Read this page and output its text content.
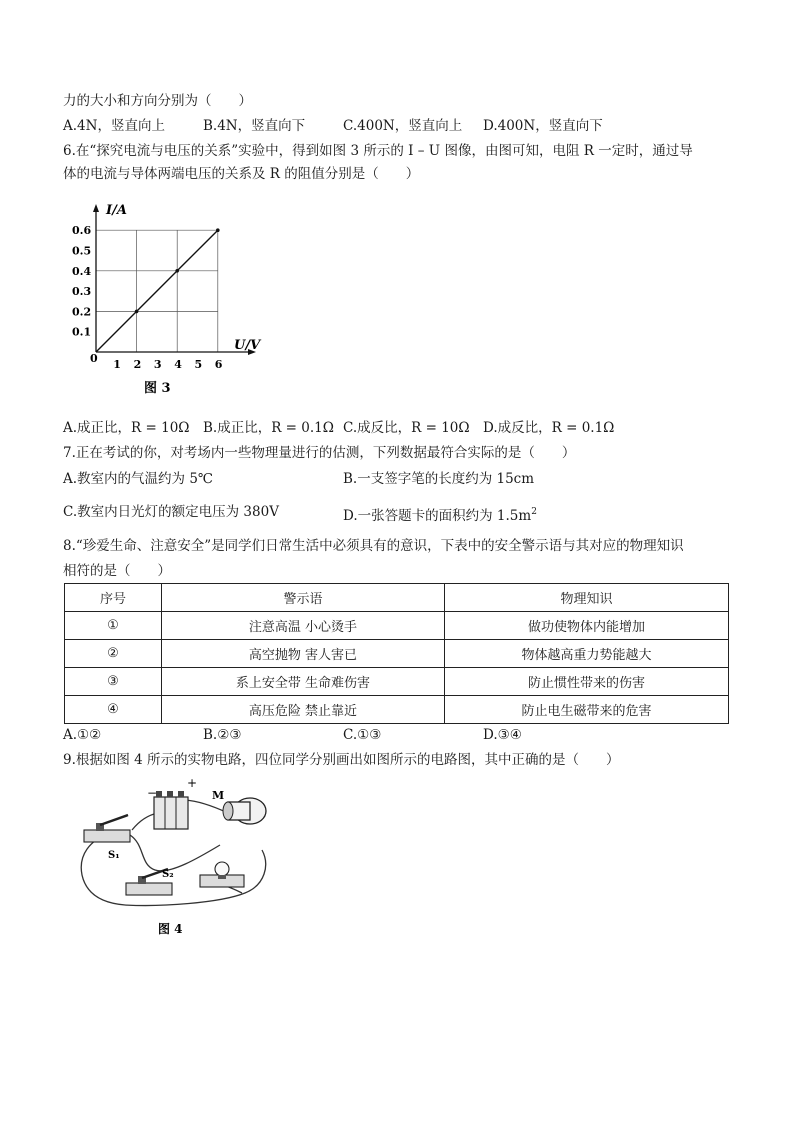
力的大小和方向分别为（　　）
A.4N，竖直向上	B.4N，竖直向下	C.400N，竖直向上 D.400N，竖直向下
6.在“探究电流与电压的关系”实验中，得到如图 3 所示的 I – U 图像，由图可知，电阻 R 一定时，通过导
体的电流与导体两端电压的关系及 R 的阻值分别是（　　）
1 2 3 4 5 6
0.1
0.2
0.3
0.4
0.5
0.6
I/A
U/V
0
图 3
A.成正比，R = 10Ω B.成正比，R = 0.1Ω C.成反比，R = 10Ω D.成反比，R = 0.1Ω
7.正在考试的你，对考场内一些物理量进行的估测，下列数据最符合实际的是（　　）
A.教室内的气温约为 5℃	B.一支签字笔的长度约为 15cm
C.教室内日光灯的额定电压为 380V	D.一张答题卡的面积约为 $1.5m^2$
8.“珍爱生命、注意安全”是同学们日常生活中必须具有的意识，下表中的安全警示语与其对应的物理知识
相符的是（　　）
序号	警示语	物理知识
①	注意高温 小心烫手	做功使物体内能增加
②	高空抛物 害人害已	物体越高重力势能越大
③	系上安全带 生命难伤害	防止惯性带来的伤害
④	高压危险 禁止靠近	防止电生磁带来的危害
A.①②	B.②③	C.①③	D.③④
9.根据如图 4 所示的实物电路，四位同学分别画出如图所示的电路图，其中正确的是（　　）
−
+
M
S₁
S₂
图 4
